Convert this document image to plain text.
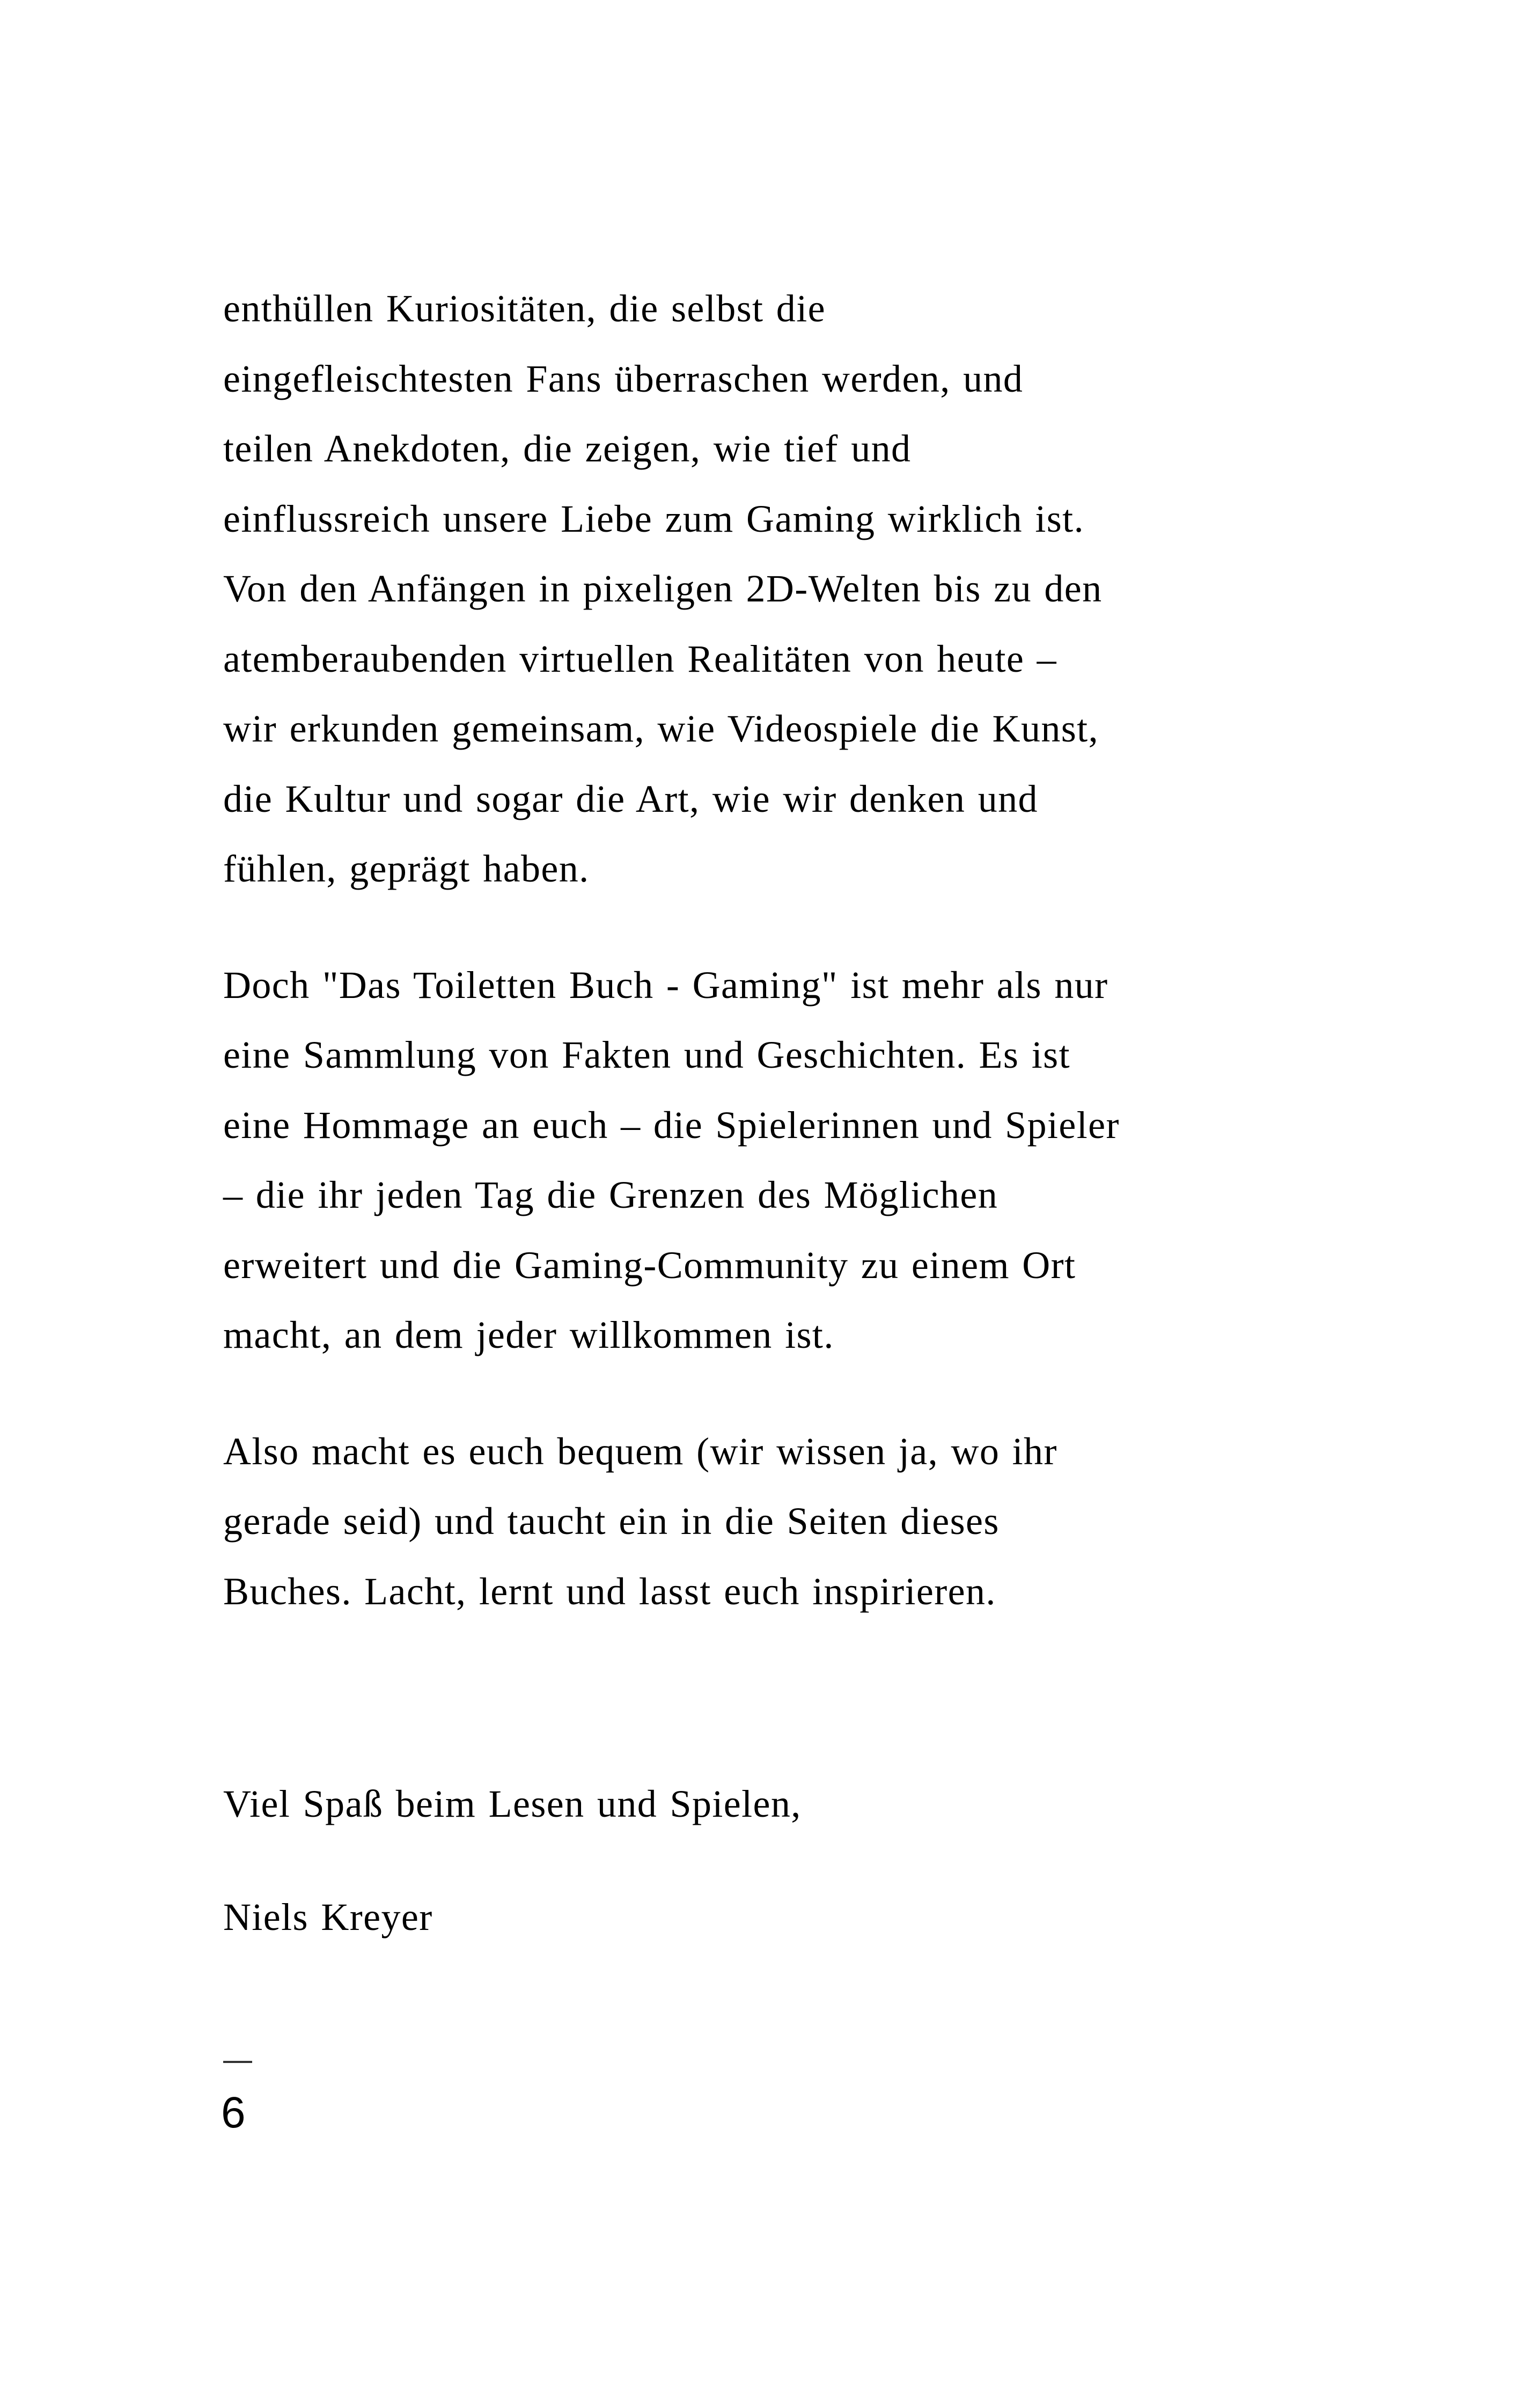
enthüllen Kuriositäten, die selbst die
eingefleischtesten Fans überraschen werden, und
teilen Anekdoten, die zeigen, wie tief und
einflussreich unsere Liebe zum Gaming wirklich ist.
Von den Anfängen in pixeligen 2D-Welten bis zu den
atemberaubenden virtuellen Realitäten von heute –
wir erkunden gemeinsam, wie Videospiele die Kunst,
die Kultur und sogar die Art, wie wir denken und
fühlen, geprägt haben.
Doch "Das Toiletten Buch - Gaming" ist mehr als nur
eine Sammlung von Fakten und Geschichten. Es ist
eine Hommage an euch – die Spielerinnen und Spieler
– die ihr jeden Tag die Grenzen des Möglichen
erweitert und die Gaming-Community zu einem Ort
macht, an dem jeder willkommen ist.
Also macht es euch bequem (wir wissen ja, wo ihr
gerade seid) und taucht ein in die Seiten dieses
Buches. Lacht, lernt und lasst euch inspirieren.
Viel Spaß beim Lesen und Spielen,
Niels Kreyer
6
